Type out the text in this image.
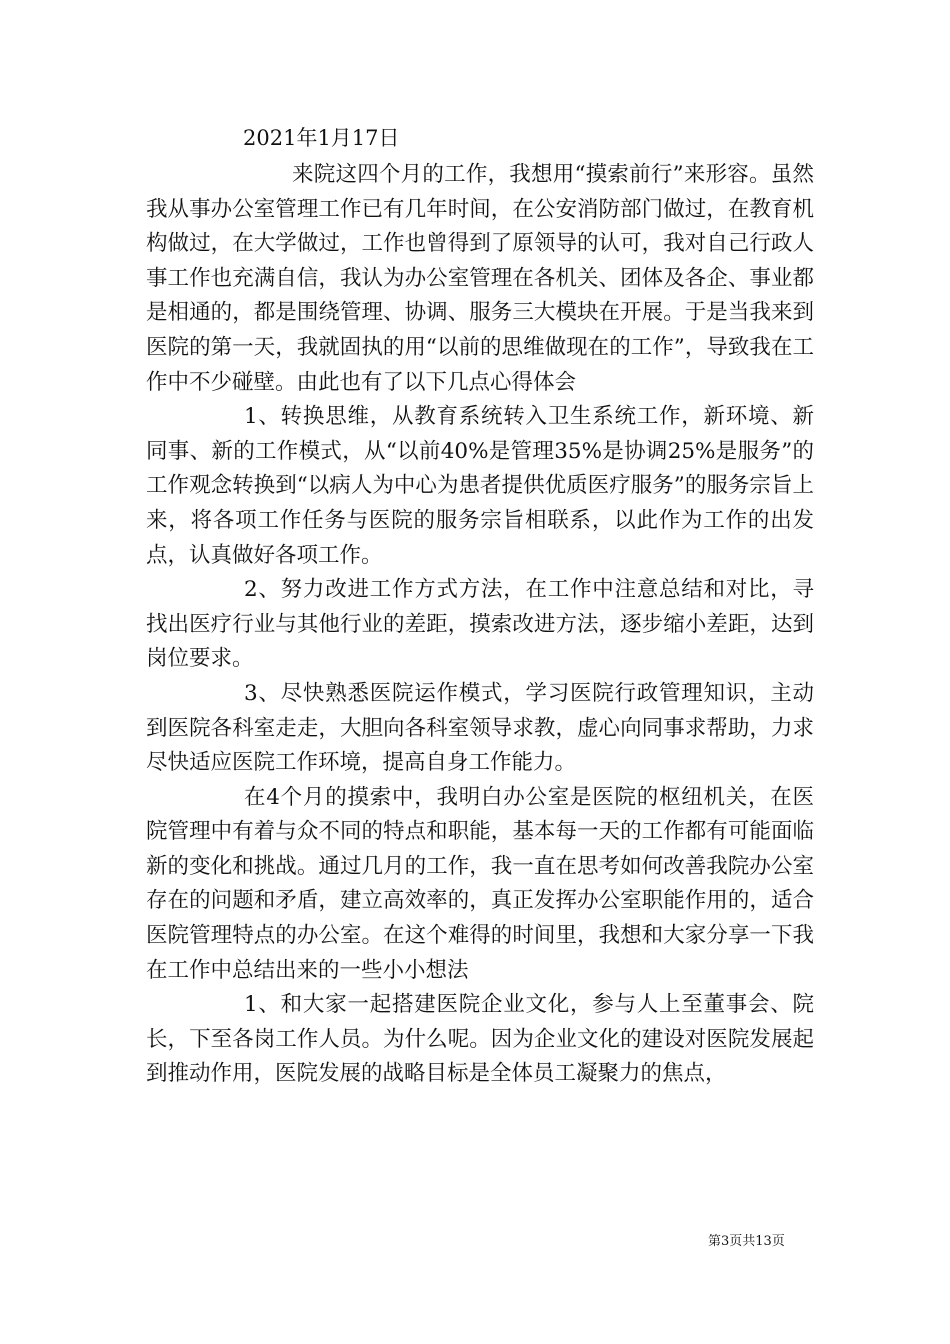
2021年1月17日

来院这四个月的工作，我想用“摸索前行”来形容。虽然我从事办公室管理工作已有几年时间，在公安消防部门做过，在教育机构做过，在大学做过，工作也曾得到了原领导的认可，我对自己行政人事工作也充满自信，我认为办公室管理在各机关、团体及各企、事业都是相通的，都是围绕管理、协调、服务三大模块在开展。于是当我来到医院的第一天，我就固执的用“以前的思维做现在的工作”，导致我在工作中不少碰壁。由此也有了以下几点心得体会

1、转换思维，从教育系统转入卫生系统工作，新环境、新同事、新的工作模式，从“以前40%是管理35%是协调25%是服务”的工作观念转换到“以病人为中心为患者提供优质医疗服务”的服务宗旨上来，将各项工作任务与医院的服务宗旨相联系，以此作为工作的出发点，认真做好各项工作。

2、努力改进工作方式方法，在工作中注意总结和对比，寻找出医疗行业与其他行业的差距，摸索改进方法，逐步缩小差距，达到岗位要求。

3、尽快熟悉医院运作模式，学习医院行政管理知识，主动到医院各科室走走，大胆向各科室领导求教，虚心向同事求帮助，力求尽快适应医院工作环境，提高自身工作能力。

在4个月的摸索中，我明白办公室是医院的枢纽机关，在医院管理中有着与众不同的特点和职能，基本每一天的工作都有可能面临新的变化和挑战。通过几月的工作，我一直在思考如何改善我院办公室存在的问题和矛盾，建立高效率的，真正发挥办公室职能作用的，适合医院管理特点的办公室。在这个难得的时间里，我想和大家分享一下我在工作中总结出来的一些小小想法

1、和大家一起搭建医院企业文化，参与人上至董事会、院长，下至各岗工作人员。为什么呢。因为企业文化的建设对医院发展起到推动作用，医院发展的战略目标是全体员工凝聚力的焦点，

第3页共13页
